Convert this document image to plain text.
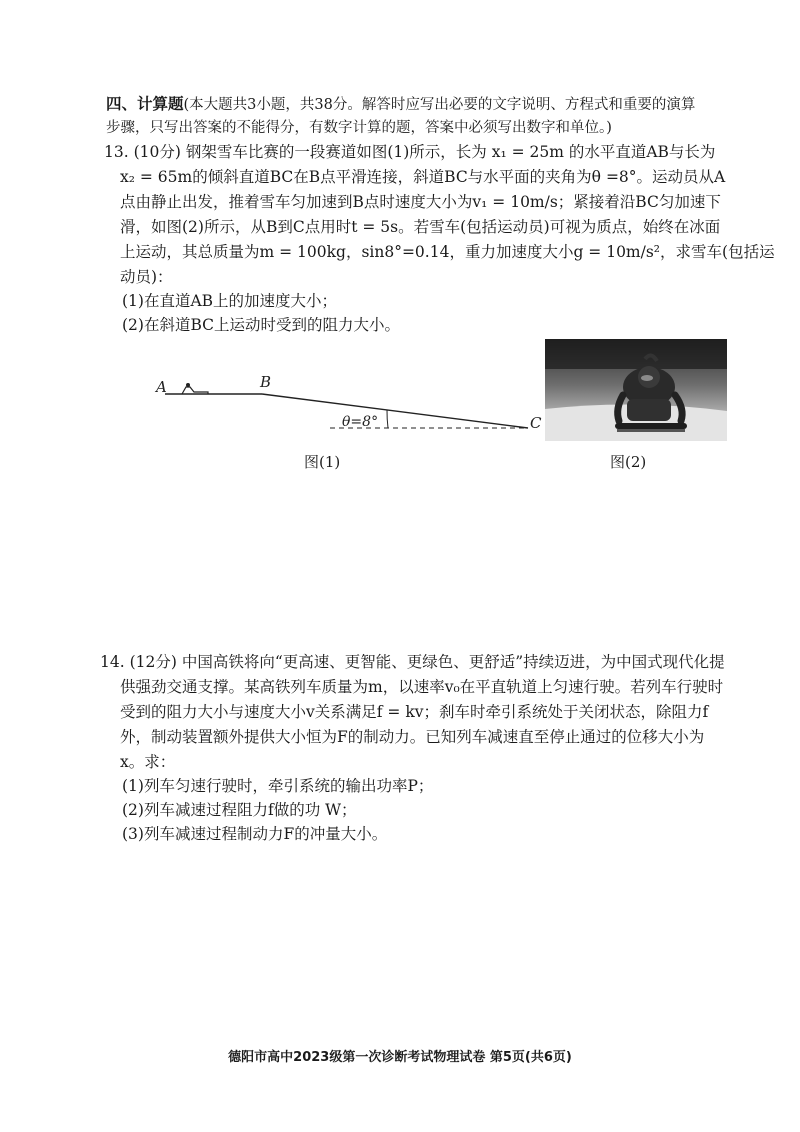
四、计算题(本大题共3小题，共38分。解答时应写出必要的文字说明、方程式和重要的演算
步骤，只写出答案的不能得分，有数字计算的题，答案中必须写出数字和单位。)
13. (10分) 钢架雪车比赛的一段赛道如图(1)所示，长为 x₁ = 25m 的水平直道AB与长为
x₂ = 65m的倾斜直道BC在B点平滑连接，斜道BC与水平面的夹角为θ =8°。运动员从A
点由静止出发，推着雪车匀加速到B点时速度大小为v₁ = 10m/s；紧接着沿BC匀加速下
滑，如图(2)所示，从B到C点用时t = 5s。若雪车(包括运动员)可视为质点，始终在冰面
上运动，其总质量为m = 100kg，sin8°=0.14，重力加速度大小g = 10m/s²，求雪车(包括运
动员)：
(1)在直道AB上的加速度大小；
(2)在斜道BC上运动时受到的阻力大小。
A	B
C
θ=8°
图(1)	图(2)
14. (12分) 中国高铁将向“更高速、更智能、更绿色、更舒适”持续迈进，为中国式现代化提
供强劲交通支撑。某高铁列车质量为m，以速率v₀在平直轨道上匀速行驶。若列车行驶时
受到的阻力大小与速度大小v关系满足f = kv；刹车时牵引系统处于关闭状态，除阻力f
外，制动装置额外提供大小恒为F的制动力。已知列车减速直至停止通过的位移大小为
x。求：
(1)列车匀速行驶时，牵引系统的输出功率P；
(2)列车减速过程阻力f做的功 W；
(3)列车减速过程制动力F的冲量大小。
德阳市高中2023级第一次诊断考试物理试卷 第5页(共6页)
